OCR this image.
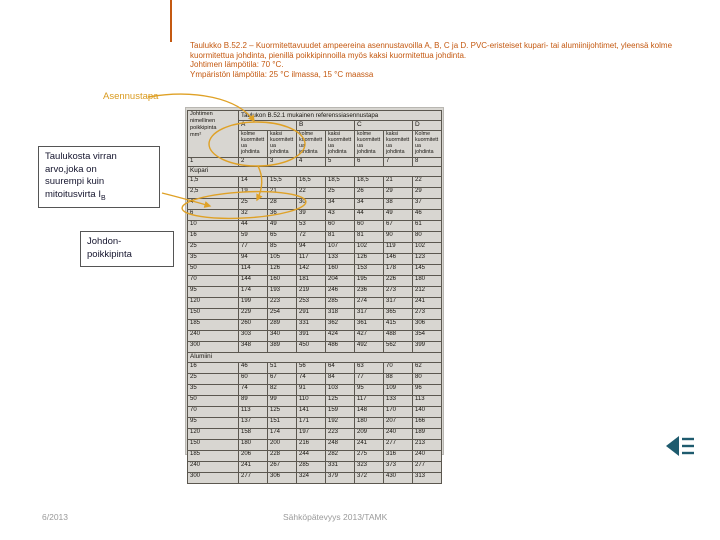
Taulukko B.52.2 – Kuormitettavuudet ampeereina asennustavoilla A, B, C ja D. PVC-eristeiset kupari- tai alumiinijohtimet, yleensä kolme kuormitettua johdinta, pienillä poikkipinnoilla myös kaksi kuormitettua johdinta.
Johtimen lämpötila: 70 °C.
Ympäristön lämpötila: 25 °C ilmassa, 15 °C maassa
Asennustapa
Taulukosta virran
arvo,joka on
suurempi kuin
mitoitusvirta $I_B$
Johdon-
poikkipinta
Johtimen
nimellinen
poikkipinta
mm²	Taulukon B.52.1 mukainen referenssiasennustapa						
	A		B		C		D
	kolme kuormitettua johdinta	kaksi kuormitettua johdinta	kolme kuormitettua johdinta	kaksi kuormitettua johdinta	kolme kuormitettua johdinta	kaksi kuormitettua johdinta	Kolme kuormitettua johdinta
1	2	3	4	5	6	7	8
Kupari							
1,5	14	15,5	16,5	18,5	18,5	21	22
2,5	19	21	22	25	26	29	29
4	25	28	30	34	34	38	37
6	32	36	39	43	44	49	46
10	44	49	53	60	60	67	61
16	59	65	72	81	81	90	80
25	77	85	94	107	102	119	102
35	94	105	117	133	126	146	123
50	114	126	142	160	153	178	145
70	144	160	181	204	195	226	180
95	174	193	219	246	236	273	212
120	199	223	253	285	274	317	241
150	229	254	291	318	317	365	273
185	260	289	331	362	361	415	306
240	303	340	391	424	427	488	354
300	348	389	450	486	492	562	399
Alumiini							
16	46	51	56	64	63	70	62
25	60	67	74	84	77	88	80
35	74	82	91	103	95	109	96
50	89	99	110	125	117	133	113
70	113	125	141	159	148	170	140
95	137	151	171	192	180	207	166
120	158	174	197	223	209	240	189
150	180	200	216	248	241	277	213
185	206	228	244	282	275	316	240
240	241	267	285	331	323	373	277
300	277	306	324	379	372	430	313
6/2013	Sähköpätevyys 2013/TAMK
